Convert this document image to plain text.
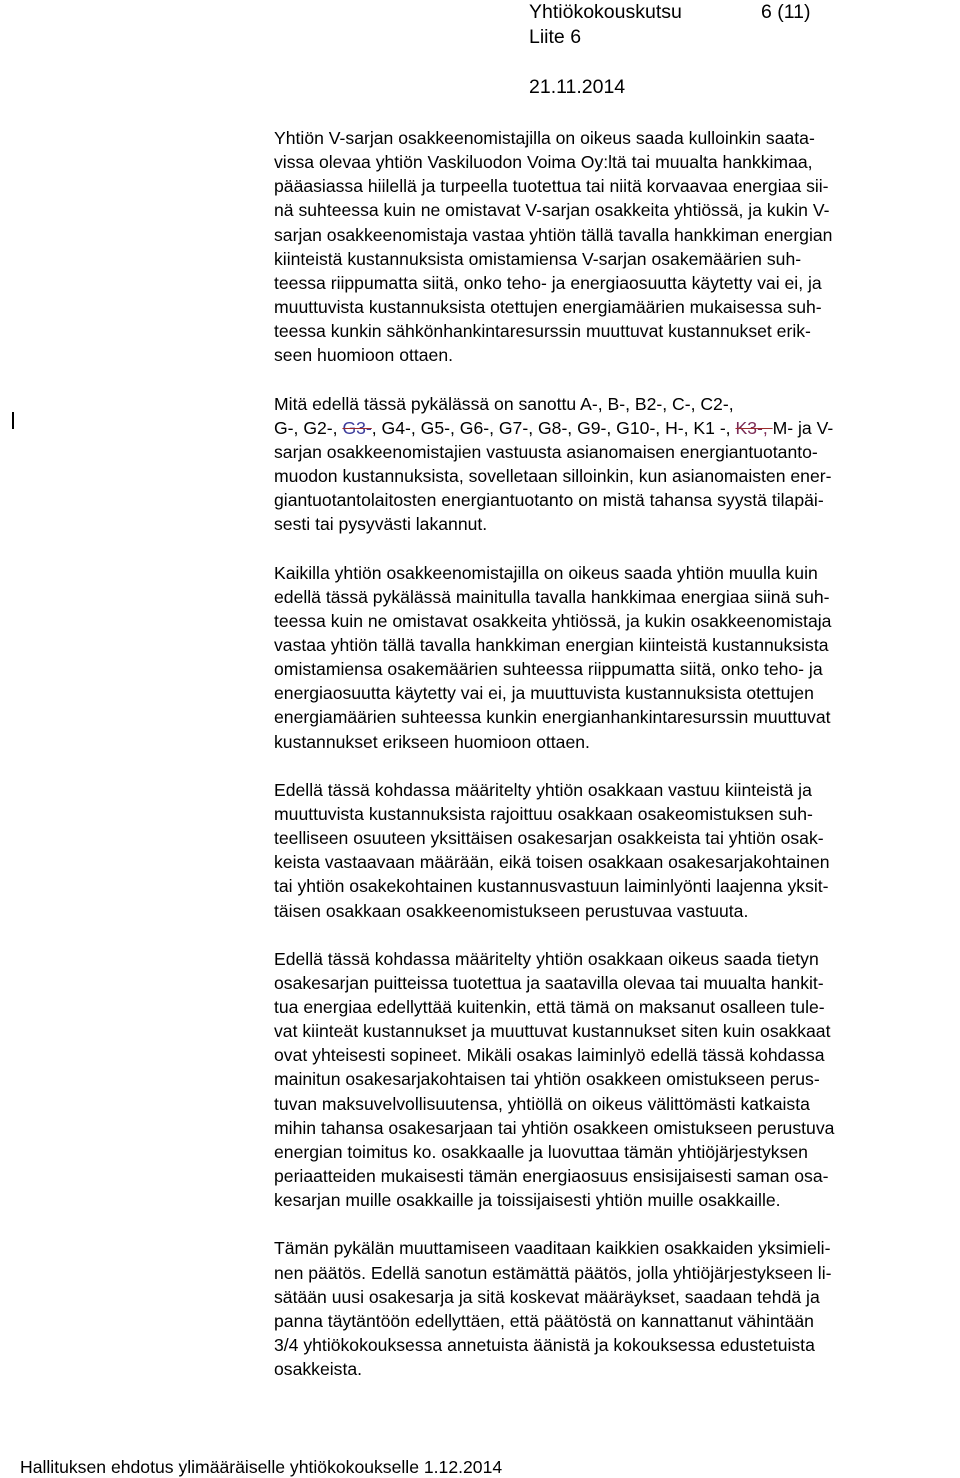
Yhtiökokouskutsu	6 (11)
Liite 6
21.11.2014

Yhtiön V-sarjan osakkeenomistajilla on oikeus saada kulloinkin saata-
vissa olevaa yhtiön Vaskiluodon Voima Oy:ltä tai muualta hankkimaa,
pääasiassa hiilellä ja turpeella tuotettua tai niitä korvaavaa energiaa sii-
nä suhteessa kuin ne omistavat V-sarjan osakkeita yhtiössä, ja kukin V-
sarjan osakkeenomistaja vastaa yhtiön tällä tavalla hankkiman energian
kiinteistä kustannuksista omistamiensa V-sarjan osakemäärien suh-
teessa riippumatta siitä, onko teho- ja energiaosuutta käytetty vai ei, ja
muuttuvista kustannuksista otettujen energiamäärien mukaisessa suh-
teessa kunkin sähkönhankintaresurssin muuttuvat kustannukset erik-
seen huomioon ottaen.

Mitä edellä tässä pykälässä on sanottu A-, B-, B2-, C-, C2-,
G-, G2-, G3-, G4-, G5-, G6-, G7-, G8-, G9-, G10-, H-, K1 -, K3-, M- ja V-
sarjan osakkeenomistajien vastuusta asianomaisen energiantuotanto-
muodon kustannuksista, sovelletaan silloinkin, kun asianomaisten ener-
giantuotantolaitosten energiantuotanto on mistä tahansa syystä tilapäi-
sesti tai pysyvästi lakannut.

Kaikilla yhtiön osakkeenomistajilla on oikeus saada yhtiön muulla kuin
edellä tässä pykälässä mainitulla tavalla hankkimaa energiaa siinä suh-
teessa kuin ne omistavat osakkeita yhtiössä, ja kukin osakkeenomistaja
vastaa yhtiön tällä tavalla hankkiman energian kiinteistä kustannuksista
omistamiensa osakemäärien suhteessa riippumatta siitä, onko teho- ja
energiaosuutta käytetty vai ei, ja muuttuvista kustannuksista otettujen
energiamäärien suhteessa kunkin energianhankintaresurssin muuttuvat
kustannukset erikseen huomioon ottaen.

Edellä tässä kohdassa määritelty yhtiön osakkaan vastuu kiinteistä ja
muuttuvista kustannuksista rajoittuu osakkaan osakeomistuksen suh-
teelliseen osuuteen yksittäisen osakesarjan osakkeista tai yhtiön osak-
keista vastaavaan määrään, eikä toisen osakkaan osakesarjakohtainen
tai yhtiön osakekohtainen kustannusvastuun laiminlyönti laajenna yksit-
täisen osakkaan osakkeenomistukseen perustuvaa vastuuta.

Edellä tässä kohdassa määritelty yhtiön osakkaan oikeus saada tietyn
osakesarjan puitteissa tuotettua ja saatavilla olevaa tai muualta hankit-
tua energiaa edellyttää kuitenkin, että tämä on maksanut osalleen tule-
vat kiinteät kustannukset ja muuttuvat kustannukset siten kuin osakkaat
ovat yhteisesti sopineet. Mikäli osakas laiminlyö edellä tässä kohdassa
mainitun osakesarjakohtaisen tai yhtiön osakkeen omistukseen perus-
tuvan maksuvelvollisuutensa, yhtiöllä on oikeus välittömästi katkaista
mihin tahansa osakesarjaan tai yhtiön osakkeen omistukseen perustuva
energian toimitus ko. osakkaalle ja luovuttaa tämän yhtiöjärjestyksen
periaatteiden mukaisesti tämän energiaosuus ensisijaisesti saman osa-
kesarjan muille osakkaille ja toissijaisesti yhtiön muille osakkaille.

Tämän pykälän muuttamiseen vaaditaan kaikkien osakkaiden yksimieli-
nen päätös. Edellä sanotun estämättä päätös, jolla yhtiöjärjestykseen li-
sätään uusi osakesarja ja sitä koskevat määräykset, saadaan tehdä ja
panna täytäntöön edellyttäen, että päätöstä on kannattanut vähintään
3/4 yhtiökokouksessa annetuista äänistä ja kokouksessa edustetuista
osakkeista.

Hallituksen ehdotus ylimääräiselle yhtiökokoukselle 1.12.2014
